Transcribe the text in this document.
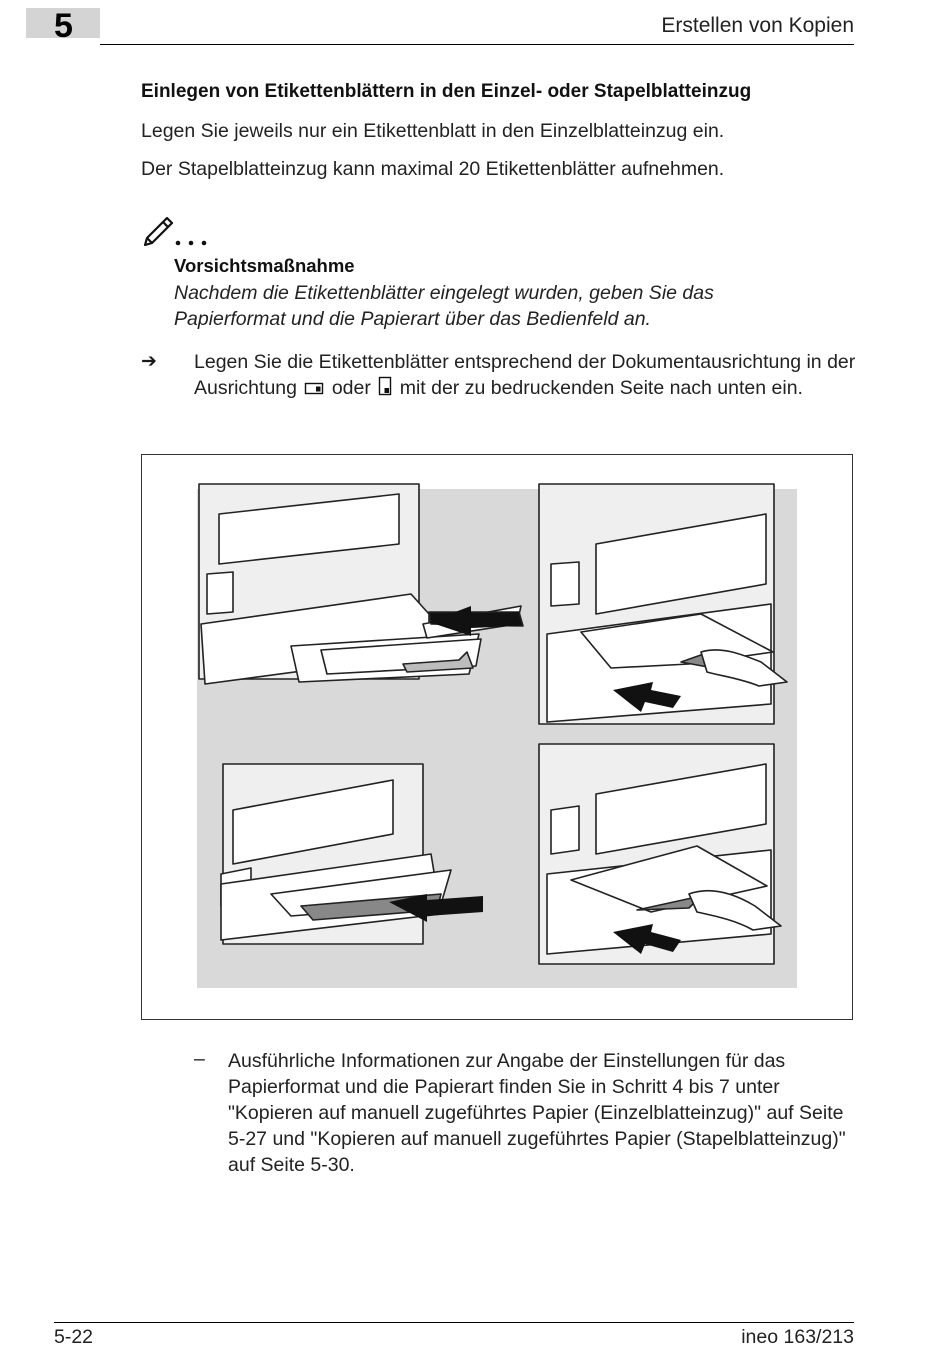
5	Erstellen von Kopien
Einlegen von Etikettenblättern in den Einzel- oder Stapelblatteinzug
Legen Sie jeweils nur ein Etikettenblatt in den Einzelblatteinzug ein.
Der Stapelblatteinzug kann maximal 20 Etikettenblätter aufnehmen.
Vorsichtsmaßnahme
Nachdem die Etikettenblätter eingelegt wurden, geben Sie das Papierformat und die Papierart über das Bedienfeld an.
➔ Legen Sie die Etikettenblätter entsprechend der Dokumentausrichtung in der Ausrichtung oder mit der zu bedruckenden Seite nach unten ein.
– Ausführliche Informationen zur Angabe der Einstellungen für das Papierformat und die Papierart finden Sie in Schritt 4 bis 7 unter "Kopieren auf manuell zugeführtes Papier (Einzelblatteinzug)" auf Seite 5-27 und "Kopieren auf manuell zugeführtes Papier (Stapelblatteinzug)" auf Seite 5-30.
5-22	ineo 163/213
